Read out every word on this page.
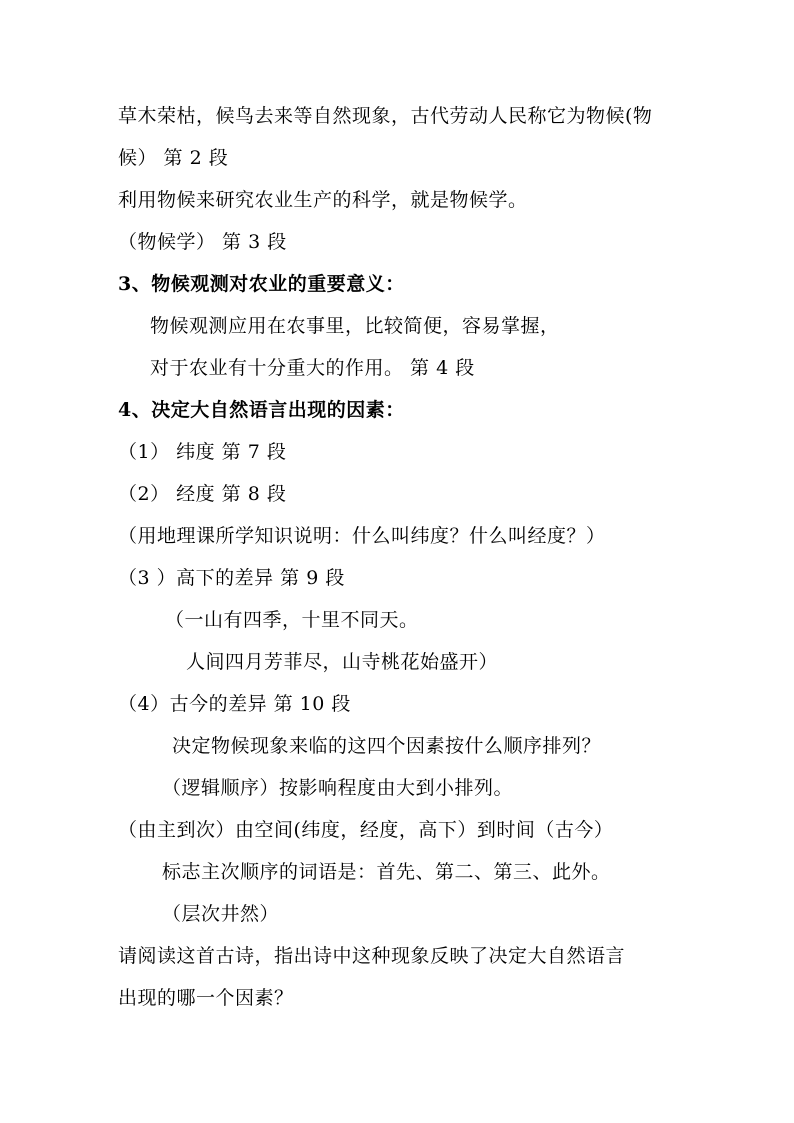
草木荣枯，候鸟去来等自然现象，古代劳动人民称它为物候(物
候） 第 2 段
利用物候来研究农业生产的科学，就是物候学。
（物候学） 第 3 段
3、物候观测对农业的重要意义：
物候观测应用在农事里，比较简便，容易掌握，
对于农业有十分重大的作用。 第 4 段
4、决定大自然语言出现的因素：
（1） 纬度 第 7 段
（2） 经度 第 8 段
（用地理课所学知识说明：什么叫纬度？什么叫经度？）
（3 ）高下的差异 第 9 段
（一山有四季，十里不同天。
人间四月芳菲尽，山寺桃花始盛开）
（4）古今的差异 第 10 段
决定物候现象来临的这四个因素按什么顺序排列？
（逻辑顺序）按影响程度由大到小排列。
（由主到次）由空间(纬度，经度，高下）到时间（古今）
标志主次顺序的词语是：首先、第二、第三、此外。
（层次井然）
请阅读这首古诗，指出诗中这种现象反映了决定大自然语言
出现的哪一个因素？
